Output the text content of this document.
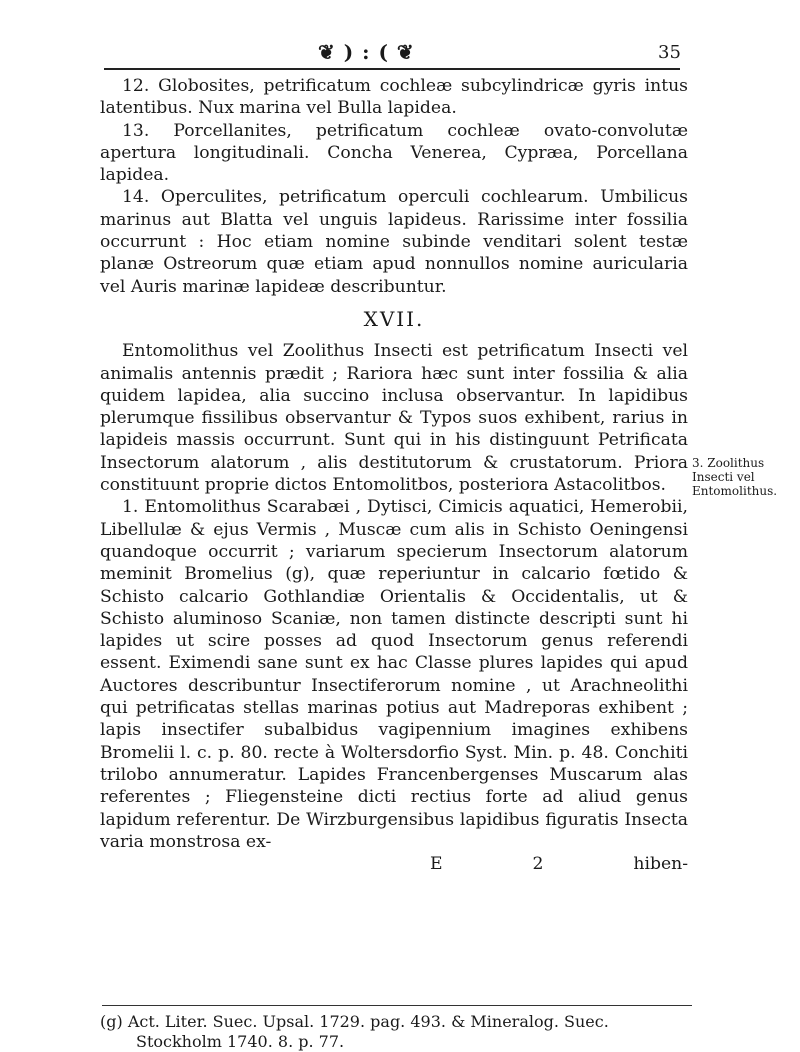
❦ ) : ( ❦	35

12. Globosites, petrificatum cochleæ subcylindricæ gyris intus latentibus. Nux marina vel Bulla lapidea.

13. Porcellanites, petrificatum cochleæ ovato-convolutæ apertura longitudinali. Concha Venerea, Cypræa, Porcellana lapidea.

14. Operculites, petrificatum operculi cochlearum. Umbilicus marinus aut Blatta vel unguis lapideus. Rarissime inter fossilia occurrunt : Hoc etiam nomine subinde venditari solent testæ planæ Ostreorum quæ etiam apud nonnullos nomine auricularia vel Auris marinæ lapideæ describuntur.

XVII.

Entomolithus vel Zoolithus Insecti est petrificatum Insecti vel animalis antennis prædit ; Rariora hæc sunt inter fossilia & alia quidem lapidea, alia succino inclusa observantur. In lapidibus plerumque fissilibus observantur & Typos suos exhibent, rarius in lapideis massis occurrunt. Sunt qui in his distinguunt Petrificata Insectorum alatorum , alis destitutorum & crustatorum. Priora constituunt proprie dictos Entomolitbos, posteriora Astacolitbos.

1. Entomolithus Scarabæi , Dytisci, Cimicis aquatici, Hemerobii, Libellulæ & ejus Vermis , Muscæ cum alis in Schisto Oeningensi quandoque occurrit ; variarum specierum Insectorum alatorum meminit Bromelius (g), quæ reperiuntur in calcario fœtido & Schisto calcario Gothlandiæ Orientalis & Occidentalis, ut & Schisto aluminoso Scaniæ, non tamen distincte descripti sunt hi lapides ut scire posses ad quod Insectorum genus referendi essent. Eximendi sane sunt ex hac Classe plures lapides qui apud Auctores describuntur Insectiferorum nomine , ut Arachneolithi qui petrificatas stellas marinas potius aut Madreporas exhibent ; lapis insectifer subalbidus vagipennium imagines exhibens Bromelii l. c. p. 80. recte à Woltersdorfio Syst. Min. p. 48. Conchiti trilobo annumeratur. Lapides Francenbergenses Muscarum alas referentes ; Fliegensteine dicti rectius forte ad aliud genus lapidum referentur. De Wirzburgensibus lapidibus figuratis Insecta varia monstrosa ex-

E 2	hiben-

3. Zoolithus Insecti vel Entomolithus.
(g) Act. Liter. Suec. Upsal. 1729. pag. 493. & Mineralog. Suec.
Stockholm 1740. 8. p. 77.
